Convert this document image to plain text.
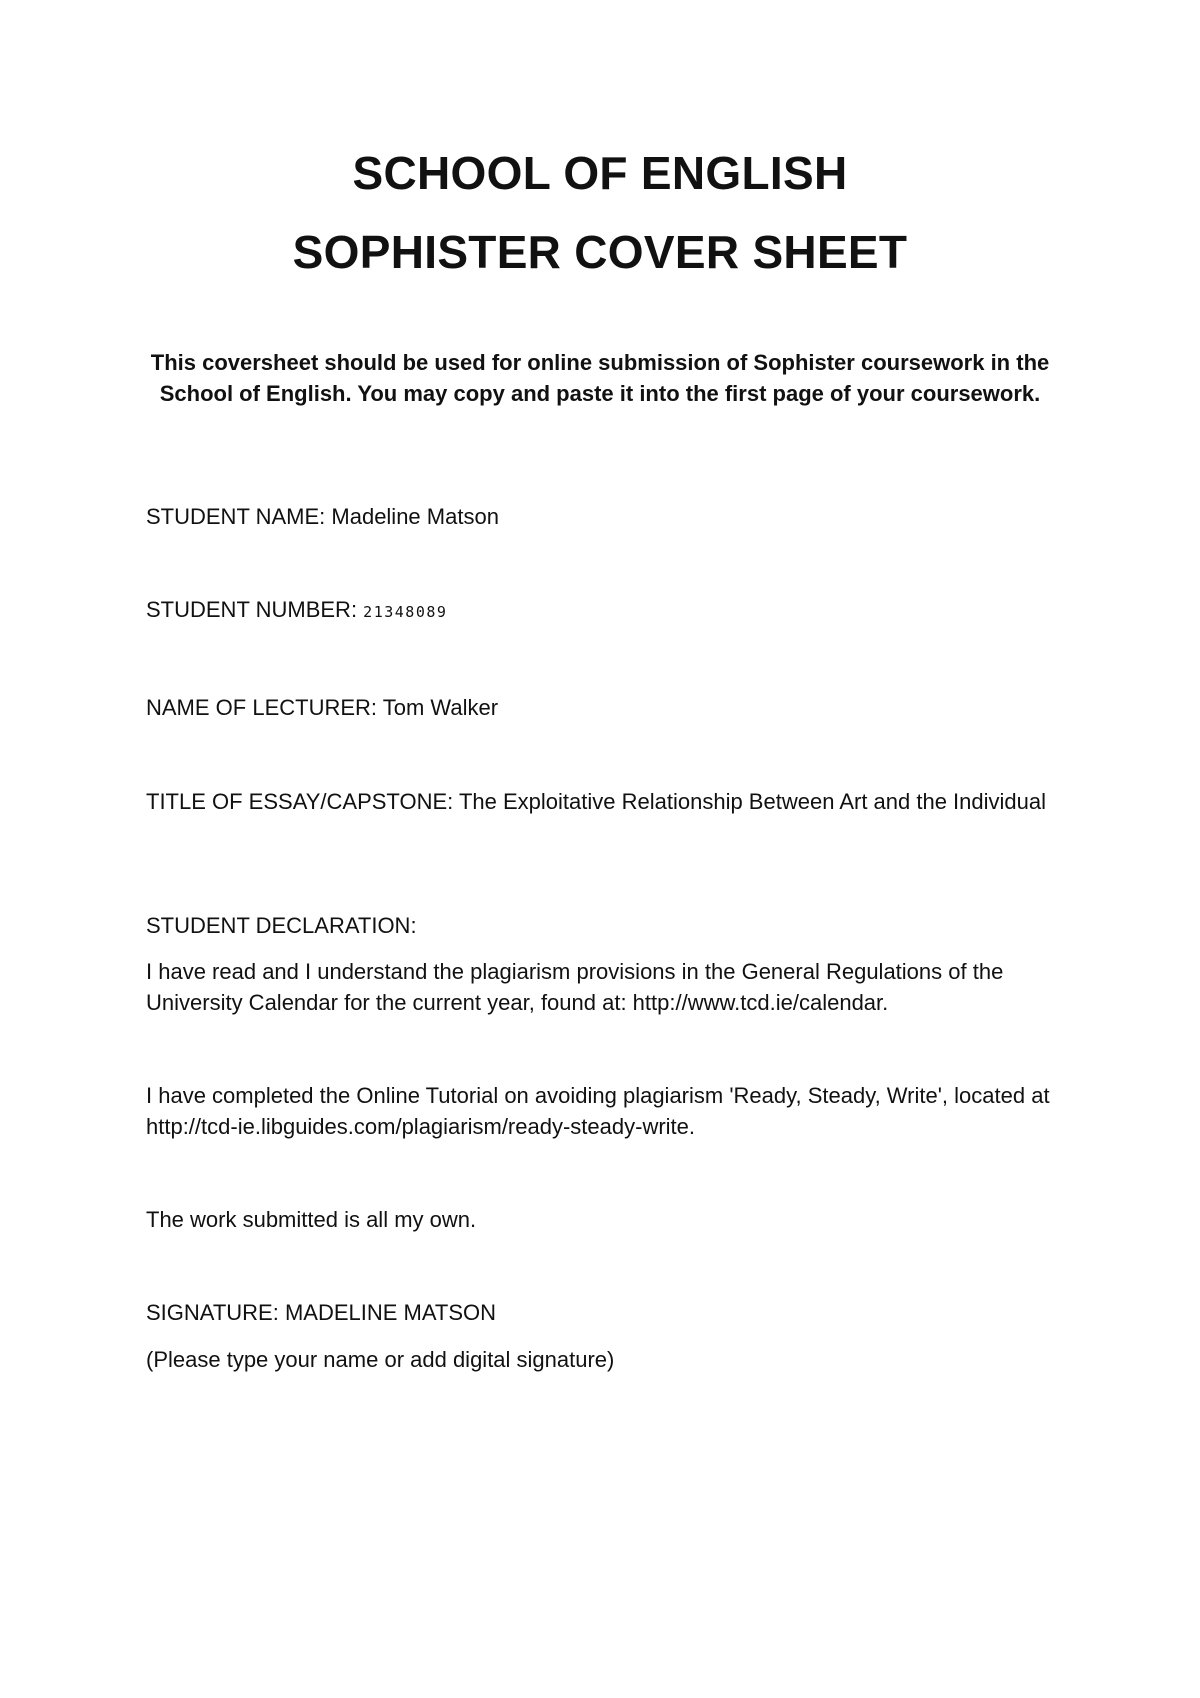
SCHOOL OF ENGLISH
SOPHISTER COVER SHEET

This coversheet should be used for online submission of Sophister coursework in the School of English. You may copy and paste it into the first page of your coursework.

STUDENT NAME: Madeline Matson

STUDENT NUMBER: 21348089

NAME OF LECTURER: Tom Walker

TITLE OF ESSAY/CAPSTONE: The Exploitative Relationship Between Art and the Individual

STUDENT DECLARATION:

I have read and I understand the plagiarism provisions in the General Regulations of the University Calendar for the current year, found at: http://www.tcd.ie/calendar.

I have completed the Online Tutorial on avoiding plagiarism 'Ready, Steady, Write', located at http://tcd-ie.libguides.com/plagiarism/ready-steady-write.

The work submitted is all my own.

SIGNATURE: MADELINE MATSON

(Please type your name or add digital signature)
